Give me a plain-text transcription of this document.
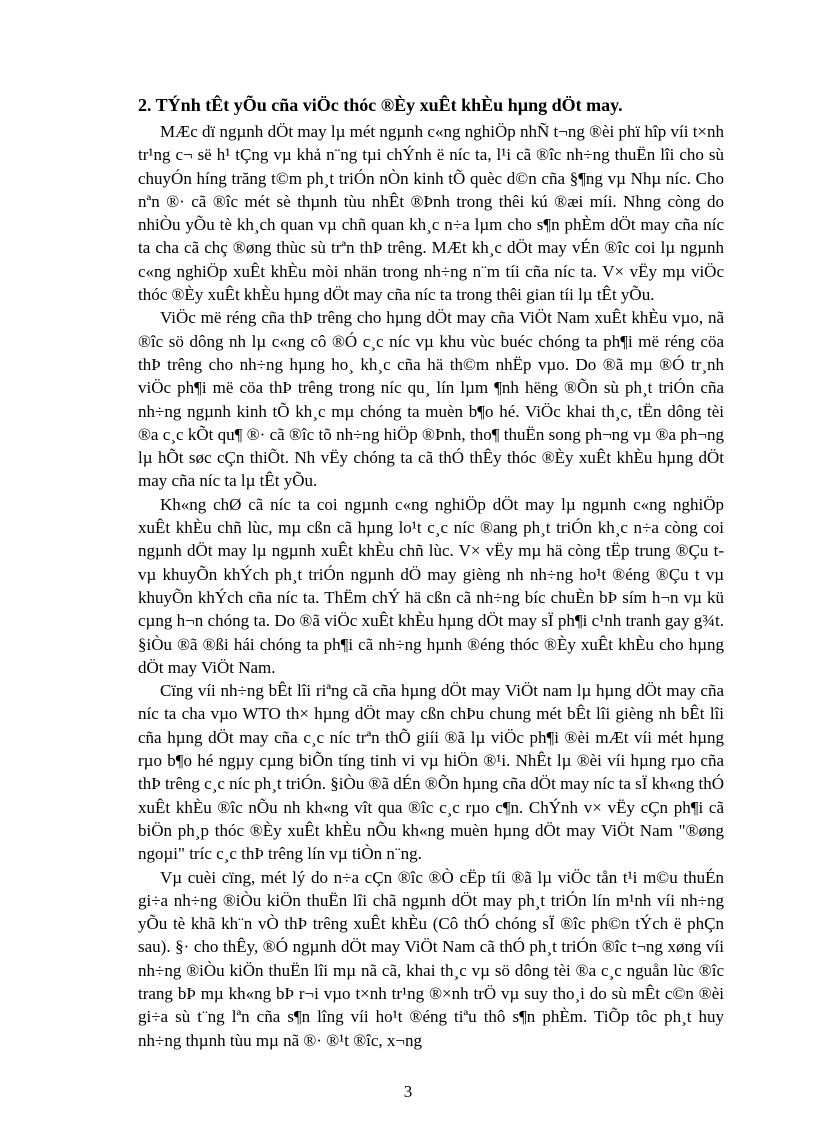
2. TÝnh tÊt yÕu cña viÖc thóc ®Èy xuÊt khÈu hµng dÖt may.

MÆc dï ngµnh dÖt may lµ mét ngµnh c«ng nghiÖp nhÑ t¬ng ®èi phï hîp víi t×nh tr¹ng c¬ së h¹ tÇng vµ khả n¨ng tµi chÝnh ë níc ta, l¹i cã ®îc nh÷ng thuËn lîi cho sù chuyÓn híng trăng t©m ph¸t triÓn nÒn kinh tÕ quèc d©n cña §¶ng vµ Nhµ níc. Cho nªn ®· cã ®îc mét sè thµnh tùu nhÊt ®Þnh trong thêi kú ®æi míi. Nhng còng do nhiÒu yÕu tè kh¸ch quan vµ chñ quan kh¸c n÷a lµm cho s¶n phÈm dÖt may cña níc ta cha cã chç ®øng thùc sù trªn thÞ trêng. MÆt kh¸c dÖt may vÉn ®îc coi lµ ngµnh c«ng nghiÖp xuÊt khÈu mòi nhän trong nh÷ng n¨m tíi cña níc ta. V× vËy mµ viÖc thóc ®Èy xuÊt khÈu hµng dÖt may cña níc ta trong thêi gian tíi lµ tÊt yÕu.

ViÖc më réng cña thÞ trêng cho hµng dÖt may cña ViÖt Nam xuÊt khÈu vµo, nã ®îc sö dông nh lµ c«ng cô ®Ó c¸c níc vµ khu vùc buéc chóng ta ph¶i më réng cöa thÞ trêng cho nh÷ng hµng ho¸ kh¸c cña hä th©m nhËp vµo. Do ®ã mµ ®Ó tr¸nh viÖc ph¶i më cöa thÞ trêng trong níc qu¸ lín lµm ¶nh hëng ®Õn sù ph¸t triÓn cña nh÷ng ngµnh kinh tÕ kh¸c mµ chóng ta muèn b¶o hé. ViÖc khai th¸c, tËn dông tèi ®a c¸c kÕt qu¶ ®· cã ®îc tõ nh÷ng hiÖp ®Þnh, tho¶ thuËn song ph¬ng vµ ®a ph¬ng lµ hÕt søc cÇn thiÕt. Nh vËy chóng ta cã thÓ thÊy thóc ®Èy xuÊt khÈu hµng dÖt may cña níc ta lµ tÊt yÕu.

Kh«ng chØ cã níc ta coi ngµnh c«ng nghiÖp dÖt may lµ ngµnh c«ng nghiÖp xuÊt khÈu chñ lùc, mµ cßn cã hµng lo¹t c¸c níc ®ang ph¸t triÓn kh¸c n÷a còng coi ngµnh dÖt may lµ ngµnh xuÊt khÈu chñ lùc. V× vËy mµ hä còng tËp trung ®Çu t vµ khuyÕn khÝch ph¸t triÓn ngµnh dÖ may gièng nh nh÷ng ho¹t ®éng ®Çu t vµ khuyÕn khÝch cña níc ta. ThËm chÝ hä cßn cã nh÷ng bíc chuÈn bÞ sím h¬n vµ kü cµng h¬n chóng ta. Do ®ã viÖc xuÊt khÈu hµng dÖt may sÏ ph¶i c¹nh tranh gay g¾t. §iÒu ®ã ®ßi hái chóng ta ph¶i cã nh÷ng hµnh ®éng thóc ®Èy xuÊt khÈu cho hµng dÖt may ViÖt Nam.

Cïng víi nh÷ng bÊt lîi riªng cã cña hµng dÖt may ViÖt nam lµ hµng dÖt may cña níc ta cha vµo WTO th× hµng dÖt may cßn chÞu chung mét bÊt lîi gièng nh bÊt lîi cña hµng dÖt may cña c¸c níc trªn thÕ giíi ®ã lµ viÖc ph¶i ®èi mÆt víi mét hµng rµo b¶o hé ngµy cµng biÕn tíng tinh vi vµ hiÖn ®¹i. NhÊt lµ ®èi víi hµng rµo cña thÞ trêng c¸c níc ph¸t triÓn. §iÒu ®ã dÉn ®Õn hµng cña dÖt may níc ta sÏ kh«ng thÓ xuÊt khÈu ®îc nÕu nh kh«ng vît qua ®îc c¸c rµo c¶n. ChÝnh v× vËy cÇn ph¶i cã biÖn ph¸p thóc ®Èy xuÊt khÈu nÕu kh«ng muèn hµng dÖt may ViÖt Nam "®øng ngoµi" tríc c¸c thÞ trêng lín vµ tiÒn n¨ng.

Vµ cuèi cïng, mét lý do n÷a cÇn ®îc ®Ò cËp tíi ®ã lµ viÖc tån t¹i m©u thuÉn gi÷a nh÷ng ®iÒu kiÖn thuËn lîi chã ngµnh dÖt may ph¸t triÓn lín m¹nh víi nh÷ng yÕu tè khã kh¨n vÒ thÞ trêng xuÊt khÈu (Cô thÓ chóng sÏ ®îc ph©n tÝch ë phÇn sau). §· cho thÊy, ®Ó ngµnh dÖt may ViÖt Nam cã thÓ ph¸t triÓn ®îc t¬ng xøng víi nh÷ng ®iÒu kiÖn thuËn lîi mµ nã cã, khai th¸c vµ sö dông tèi ®a c¸c nguån lùc ®îc trang bÞ mµ kh«ng bÞ r¬i vµo t×nh tr¹ng ®×nh trÖ vµ suy tho¸i do sù mÊt c©n ®èi gi÷a sù t¨ng lªn cña s¶n lîng víi ho¹t ®éng tiªu thô s¶n phÈm. TiÕp tôc ph¸t huy nh÷ng thµnh tùu mµ nã ®· ®¹t ®îc, x¬ng

3
